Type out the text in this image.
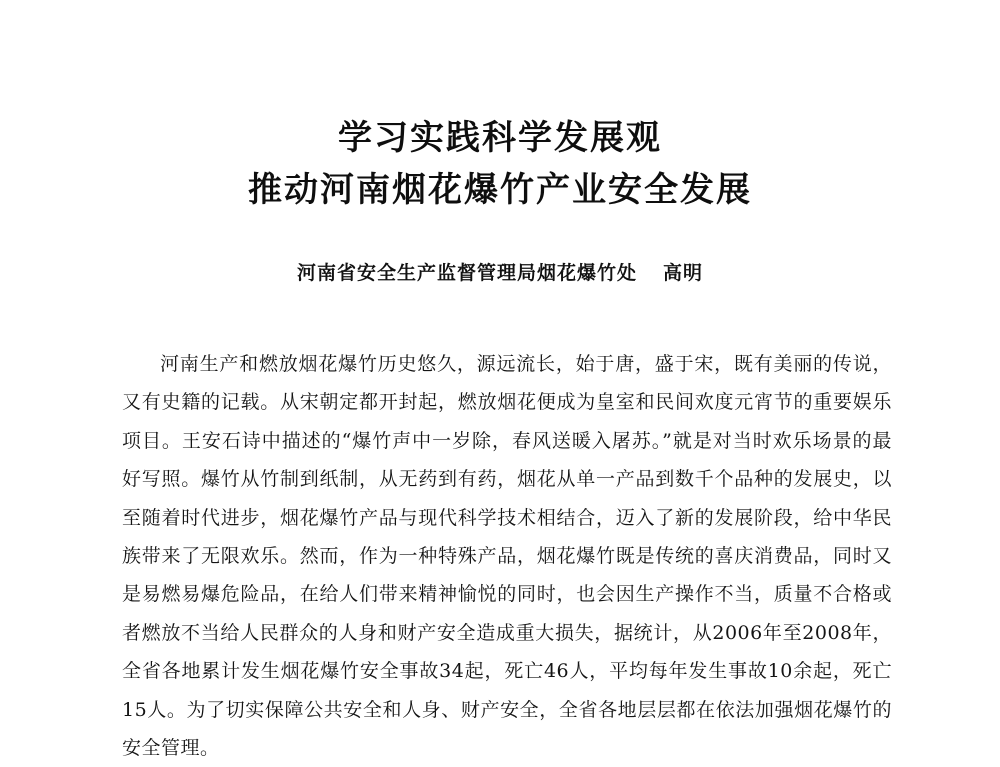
学习实践科学发展观
推动河南烟花爆竹产业安全发展
河南省安全生产监督管理局烟花爆竹处 高明

河南生产和燃放烟花爆竹历史悠久，源远流长，始于唐，盛于宋，既有美丽的传说，又有史籍的记载。从宋朝定都开封起，燃放烟花便成为皇室和民间欢度元宵节的重要娱乐项目。王安石诗中描述的“爆竹声中一岁除，春风送暖入屠苏。”就是对当时欢乐场景的最好写照。爆竹从竹制到纸制，从无药到有药，烟花从单一产品到数千个品种的发展史，以至随着时代进步，烟花爆竹产品与现代科学技术相结合，迈入了新的发展阶段，给中华民族带来了无限欢乐。然而，作为一种特殊产品，烟花爆竹既是传统的喜庆消费品，同时又是易燃易爆危险品，在给人们带来精神愉悦的同时，也会因生产操作不当，质量不合格或者燃放不当给人民群众的人身和财产安全造成重大损失，据统计，从2006年至2008年，全省各地累计发生烟花爆竹安全事故34起，死亡46人，平均每年发生事故10余起，死亡15人。为了切实保障公共安全和人身、财产安全，全省各地层层都在依法加强烟花爆竹的安全管理。
